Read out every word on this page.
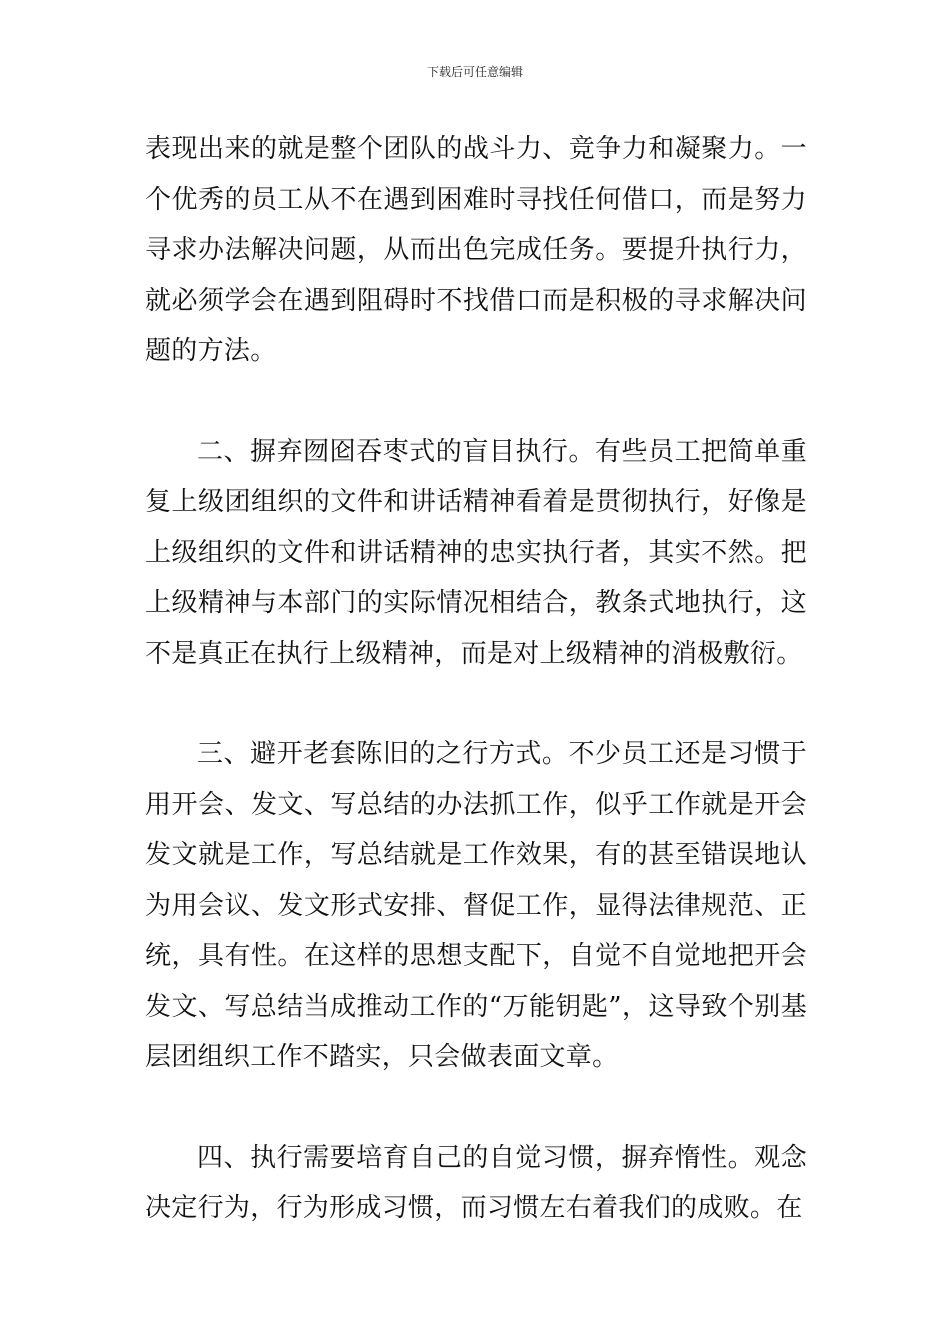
下载后可任意编辑

表现出来的就是整个团队的战斗力、竞争力和凝聚力。一个优秀的员工从不在遇到困难时寻找任何借口，而是努力寻求办法解决问题，从而出色完成任务。要提升执行力，就必须学会在遇到阻碍时不找借口而是积极的寻求解决问题的方法。

二、摒弃囫囵吞枣式的盲目执行。有些员工把简单重复上级团组织的文件和讲话精神看着是贯彻执行，好像是上级组织的文件和讲话精神的忠实执行者，其实不然。把上级精神与本部门的实际情况相结合，教条式地执行，这不是真正在执行上级精神，而是对上级精神的消极敷衍。

三、避开老套陈旧的之行方式。不少员工还是习惯于用开会、发文、写总结的办法抓工作，似乎工作就是开会发文就是工作，写总结就是工作效果，有的甚至错误地认为用会议、发文形式安排、督促工作，显得法律规范、正统，具有性。在这样的思想支配下，自觉不自觉地把开会发文、写总结当成推动工作的“万能钥匙”，这导致个别基层团组织工作不踏实，只会做表面文章。

四、执行需要培育自己的自觉习惯，摒弃惰性。观念决定行为，行为形成习惯，而习惯左右着我们的成败。在
